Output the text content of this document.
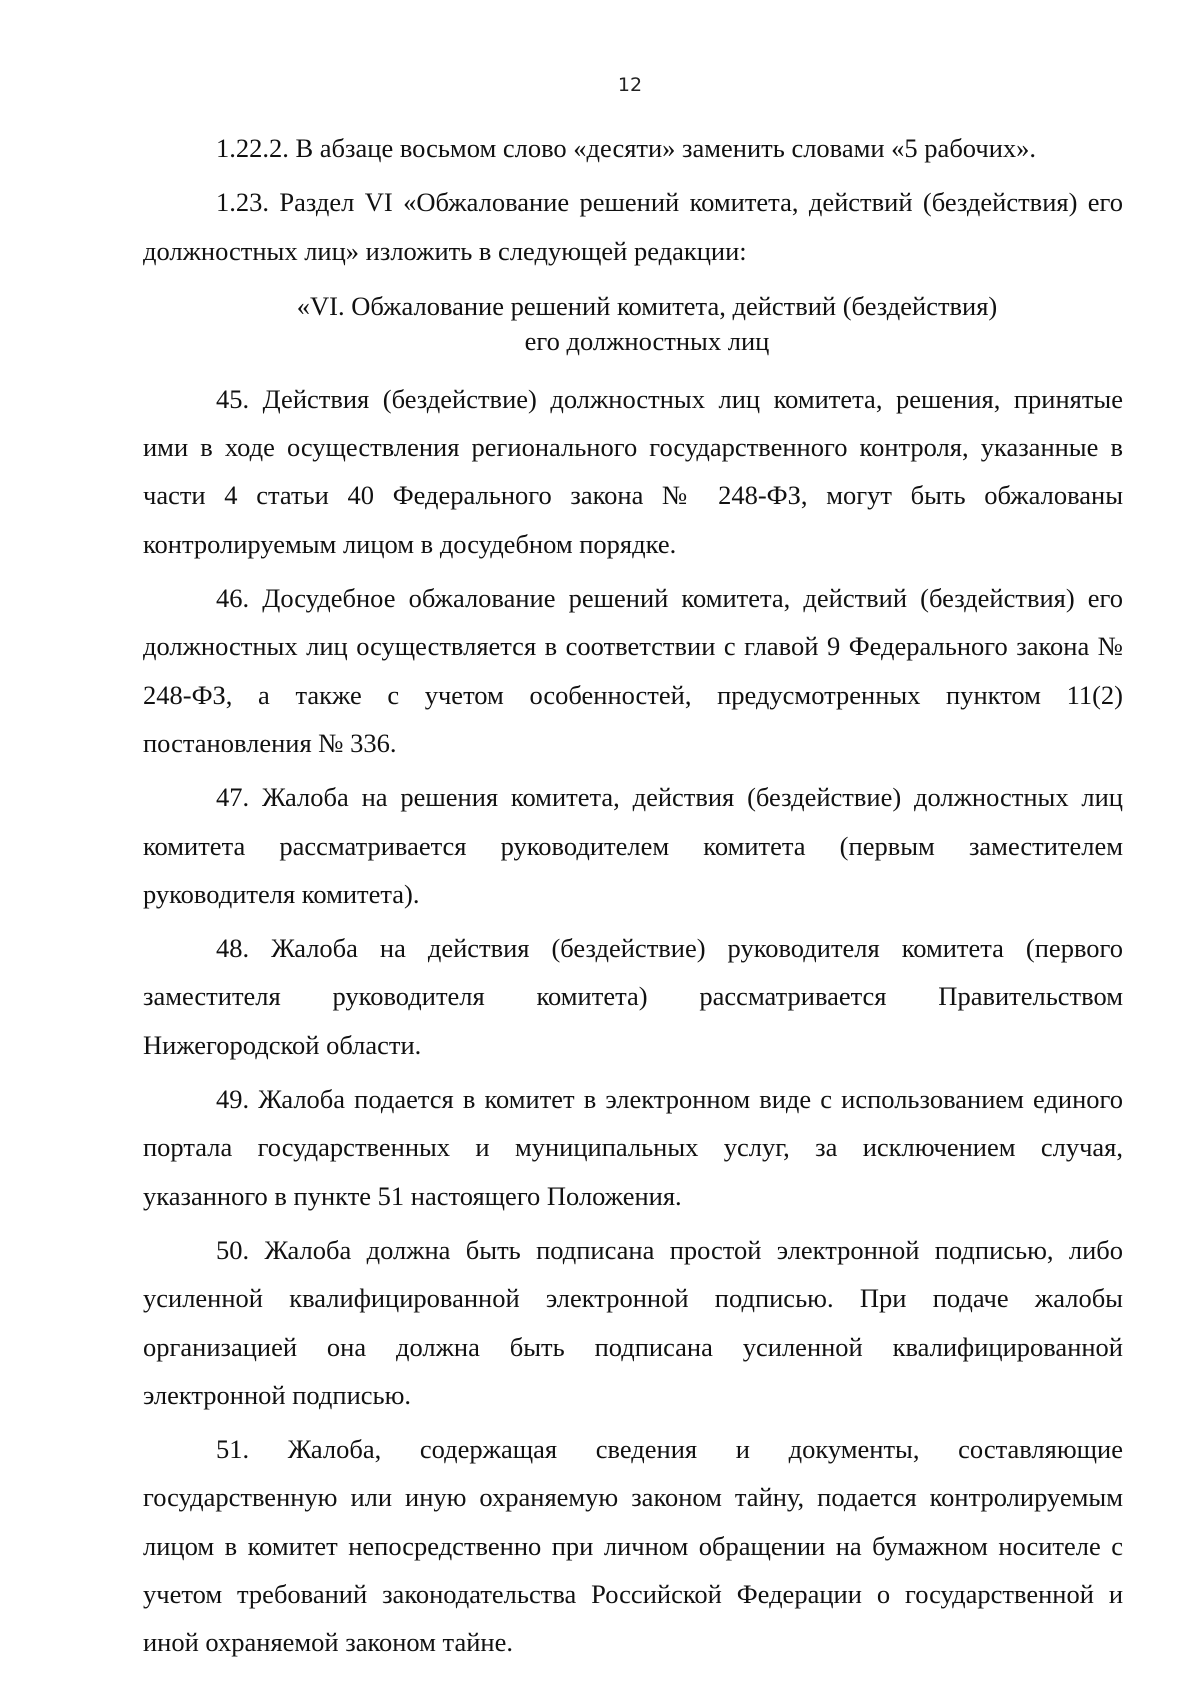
12

1.22.2. В абзаце восьмом слово «десяти» заменить словами «5 рабочих».

1.23. Раздел VI «Обжалование решений комитета, действий (бездействия) его должностных лиц» изложить в следующей редакции:

«VI. Обжалование решений комитета, действий (бездействия)
его должностных лиц

45. Действия (бездействие) должностных лиц комитета, решения, принятые ими в ходе осуществления регионального государственного контроля, указанные в части 4 статьи 40 Федерального закона № 248-ФЗ, могут быть обжалованы контролируемым лицом в досудебном порядке.

46. Досудебное обжалование решений комитета, действий (бездействия) его должностных лиц осуществляется в соответствии с главой 9 Федерального закона № 248-ФЗ, а также с учетом особенностей, предусмотренных пунктом 11(2) постановления № 336.

47. Жалоба на решения комитета, действия (бездействие) должностных лиц комитета рассматривается руководителем комитета (первым заместителем руководителя комитета).

48. Жалоба на действия (бездействие) руководителя комитета (первого заместителя руководителя комитета) рассматривается Правительством Нижегородской области.

49. Жалоба подается в комитет в электронном виде с использованием единого портала государственных и муниципальных услуг, за исключением случая, указанного в пункте 51 настоящего Положения.

50. Жалоба должна быть подписана простой электронной подписью, либо усиленной квалифицированной электронной подписью. При подаче жалобы организацией она должна быть подписана усиленной квалифицированной электронной подписью.

51. Жалоба, содержащая сведения и документы, составляющие государственную или иную охраняемую законом тайну, подается контролируемым лицом в комитет непосредственно при личном обращении на бумажном носителе с учетом требований законодательства Российской Федерации о государственной и иной охраняемой законом тайне.
